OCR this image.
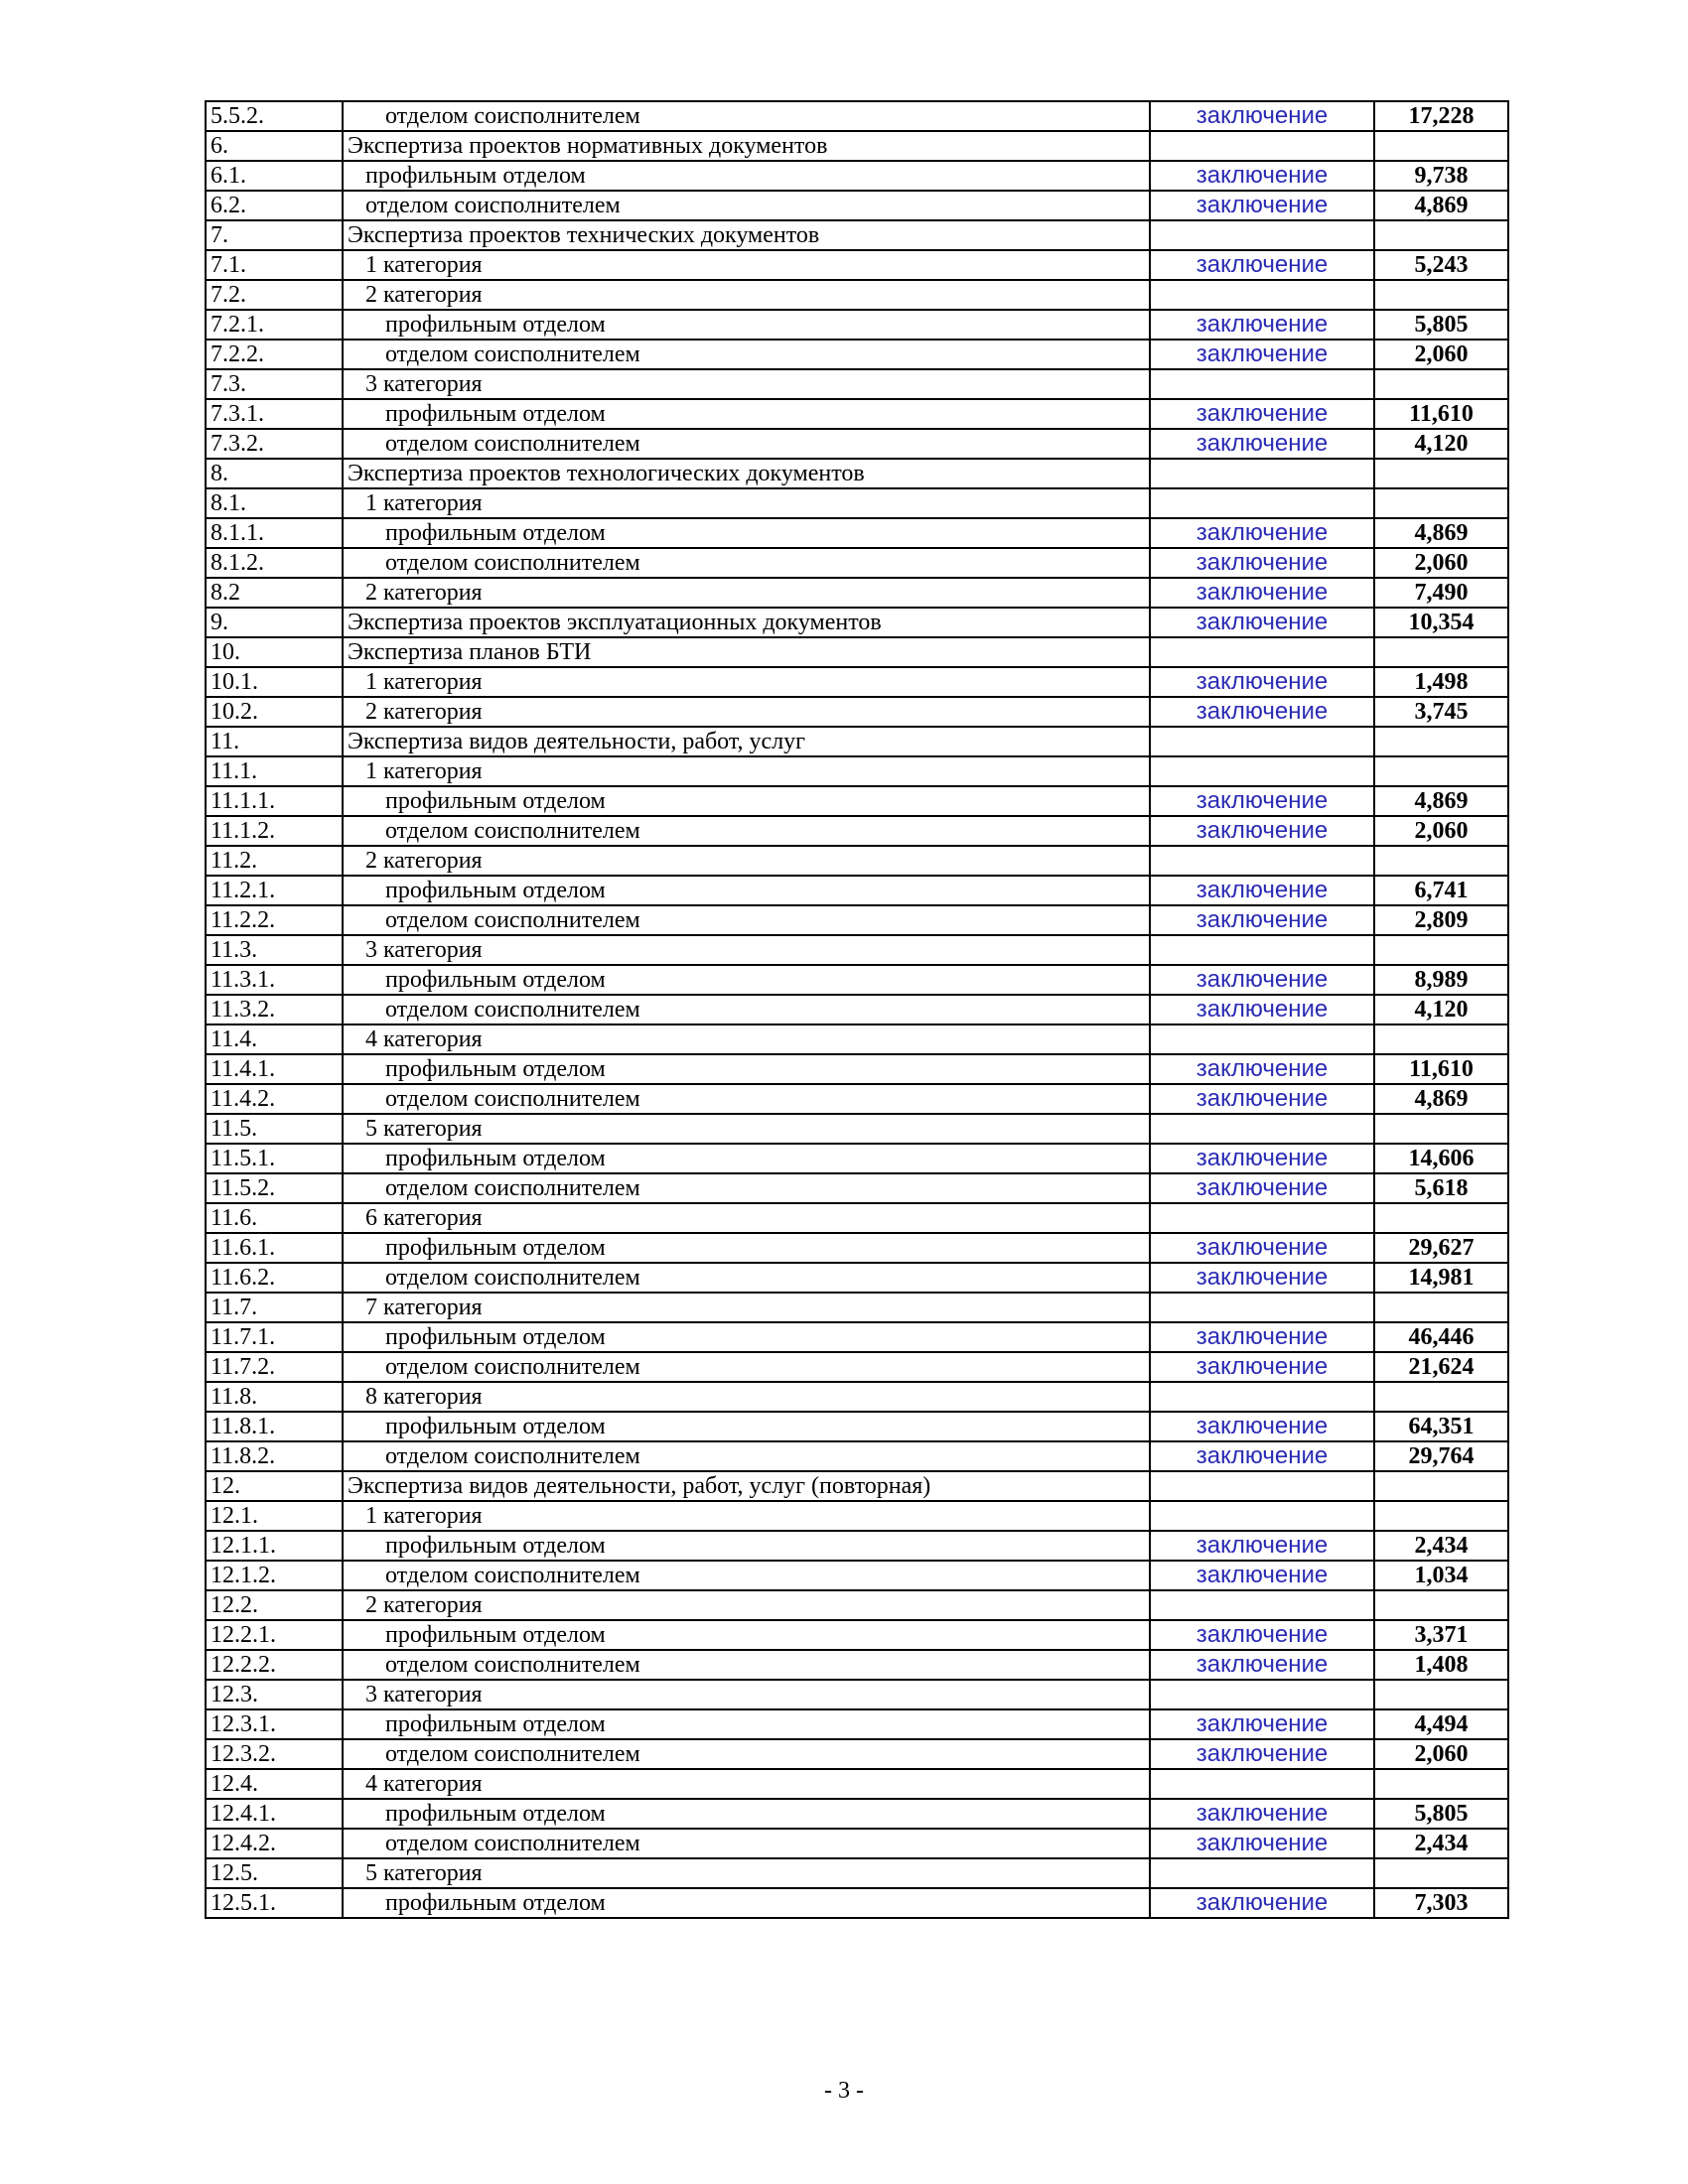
5.5.2.	отделом соисполнителем	заключение	17,228
6.	Экспертиза проектов нормативных документов		
6.1.	профильным отделом	заключение	9,738
6.2.	отделом соисполнителем	заключение	4,869
7.	Экспертиза проектов технических документов		
7.1.	1 категория	заключение	5,243
7.2.	2 категория		
7.2.1.	профильным отделом	заключение	5,805
7.2.2.	отделом соисполнителем	заключение	2,060
7.3.	3 категория		
7.3.1.	профильным отделом	заключение	11,610
7.3.2.	отделом соисполнителем	заключение	4,120
8.	Экспертиза проектов технологических документов		
8.1.	1 категория		
8.1.1.	профильным отделом	заключение	4,869
8.1.2.	отделом соисполнителем	заключение	2,060
8.2	2 категория	заключение	7,490
9.	Экспертиза проектов эксплуатационных документов	заключение	10,354
10.	Экспертиза планов БТИ		
10.1.	1 категория	заключение	1,498
10.2.	2 категория	заключение	3,745
11.	Экспертиза видов деятельности, работ, услуг		
11.1.	1 категория		
11.1.1.	профильным отделом	заключение	4,869
11.1.2.	отделом соисполнителем	заключение	2,060
11.2.	2 категория		
11.2.1.	профильным отделом	заключение	6,741
11.2.2.	отделом соисполнителем	заключение	2,809
11.3.	3 категория		
11.3.1.	профильным отделом	заключение	8,989
11.3.2.	отделом соисполнителем	заключение	4,120
11.4.	4 категория		
11.4.1.	профильным отделом	заключение	11,610
11.4.2.	отделом соисполнителем	заключение	4,869
11.5.	5 категория		
11.5.1.	профильным отделом	заключение	14,606
11.5.2.	отделом соисполнителем	заключение	5,618
11.6.	6 категория		
11.6.1.	профильным отделом	заключение	29,627
11.6.2.	отделом соисполнителем	заключение	14,981
11.7.	7 категория		
11.7.1.	профильным отделом	заключение	46,446
11.7.2.	отделом соисполнителем	заключение	21,624
11.8.	8 категория		
11.8.1.	профильным отделом	заключение	64,351
11.8.2.	отделом соисполнителем	заключение	29,764
12.	Экспертиза видов деятельности, работ, услуг (повторная)		
12.1.	1 категория		
12.1.1.	профильным отделом	заключение	2,434
12.1.2.	отделом соисполнителем	заключение	1,034
12.2.	2 категория		
12.2.1.	профильным отделом	заключение	3,371
12.2.2.	отделом соисполнителем	заключение	1,408
12.3.	3 категория		
12.3.1.	профильным отделом	заключение	4,494
12.3.2.	отделом соисполнителем	заключение	2,060
12.4.	4 категория		
12.4.1.	профильным отделом	заключение	5,805
12.4.2.	отделом соисполнителем	заключение	2,434
12.5.	5 категория		
12.5.1.	профильным отделом	заключение	7,303
- 3 -
